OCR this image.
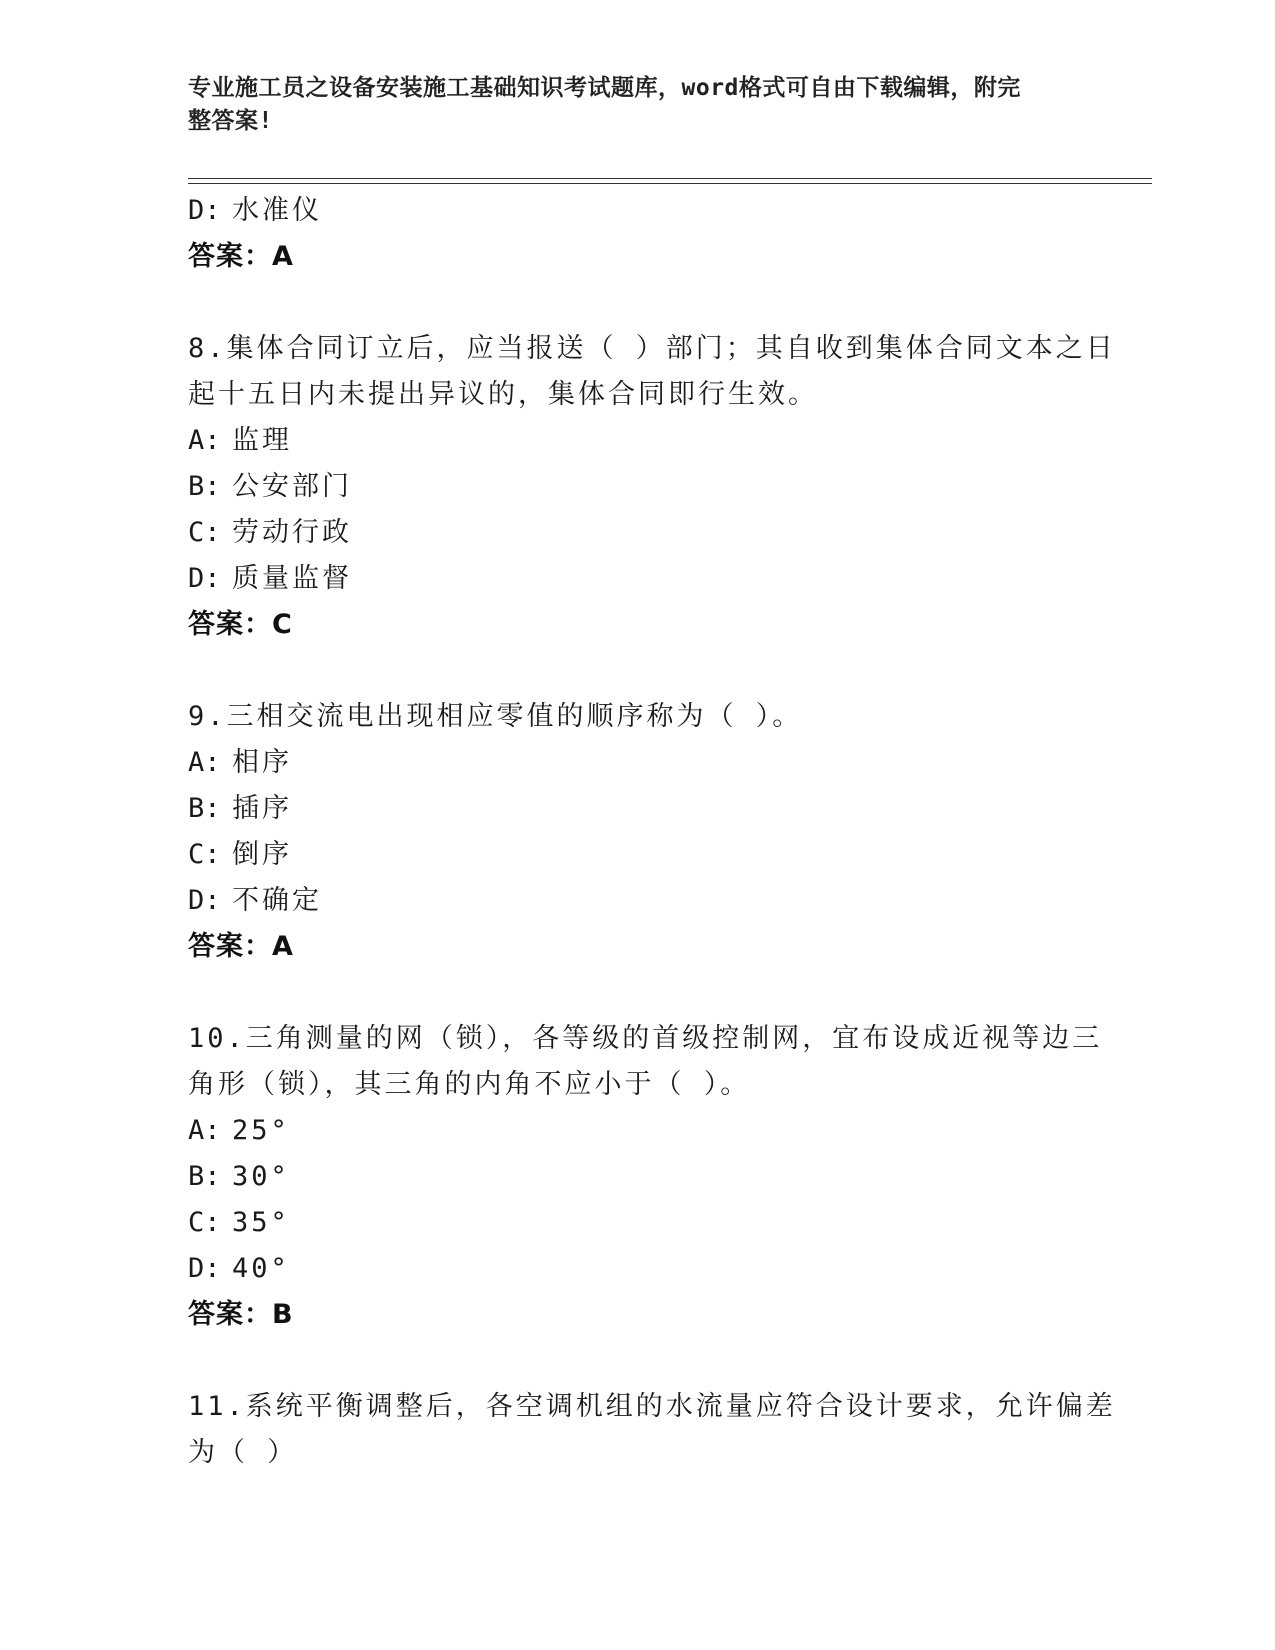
专业施工员之设备安装施工基础知识考试题库，word格式可自由下载编辑，附完
整答案!
D: 水准仪
答案：A
8.集体合同订立后，应当报送（ ）部门；其自收到集体合同文本之日
起十五日内未提出异议的，集体合同即行生效。
A: 监理
B: 公安部门
C: 劳动行政
D: 质量监督
答案：C
9.三相交流电出现相应零值的顺序称为（ ）。
A: 相序
B: 插序
C: 倒序
D: 不确定
答案：A
10.三角测量的网（锁），各等级的首级控制网，宜布设成近视等边三
角形（锁），其三角的内角不应小于（ ）。
A: 25°
B: 30°
C: 35°
D: 40°
答案：B
11.系统平衡调整后，各空调机组的水流量应符合设计要求，允许偏差
为（ ）
